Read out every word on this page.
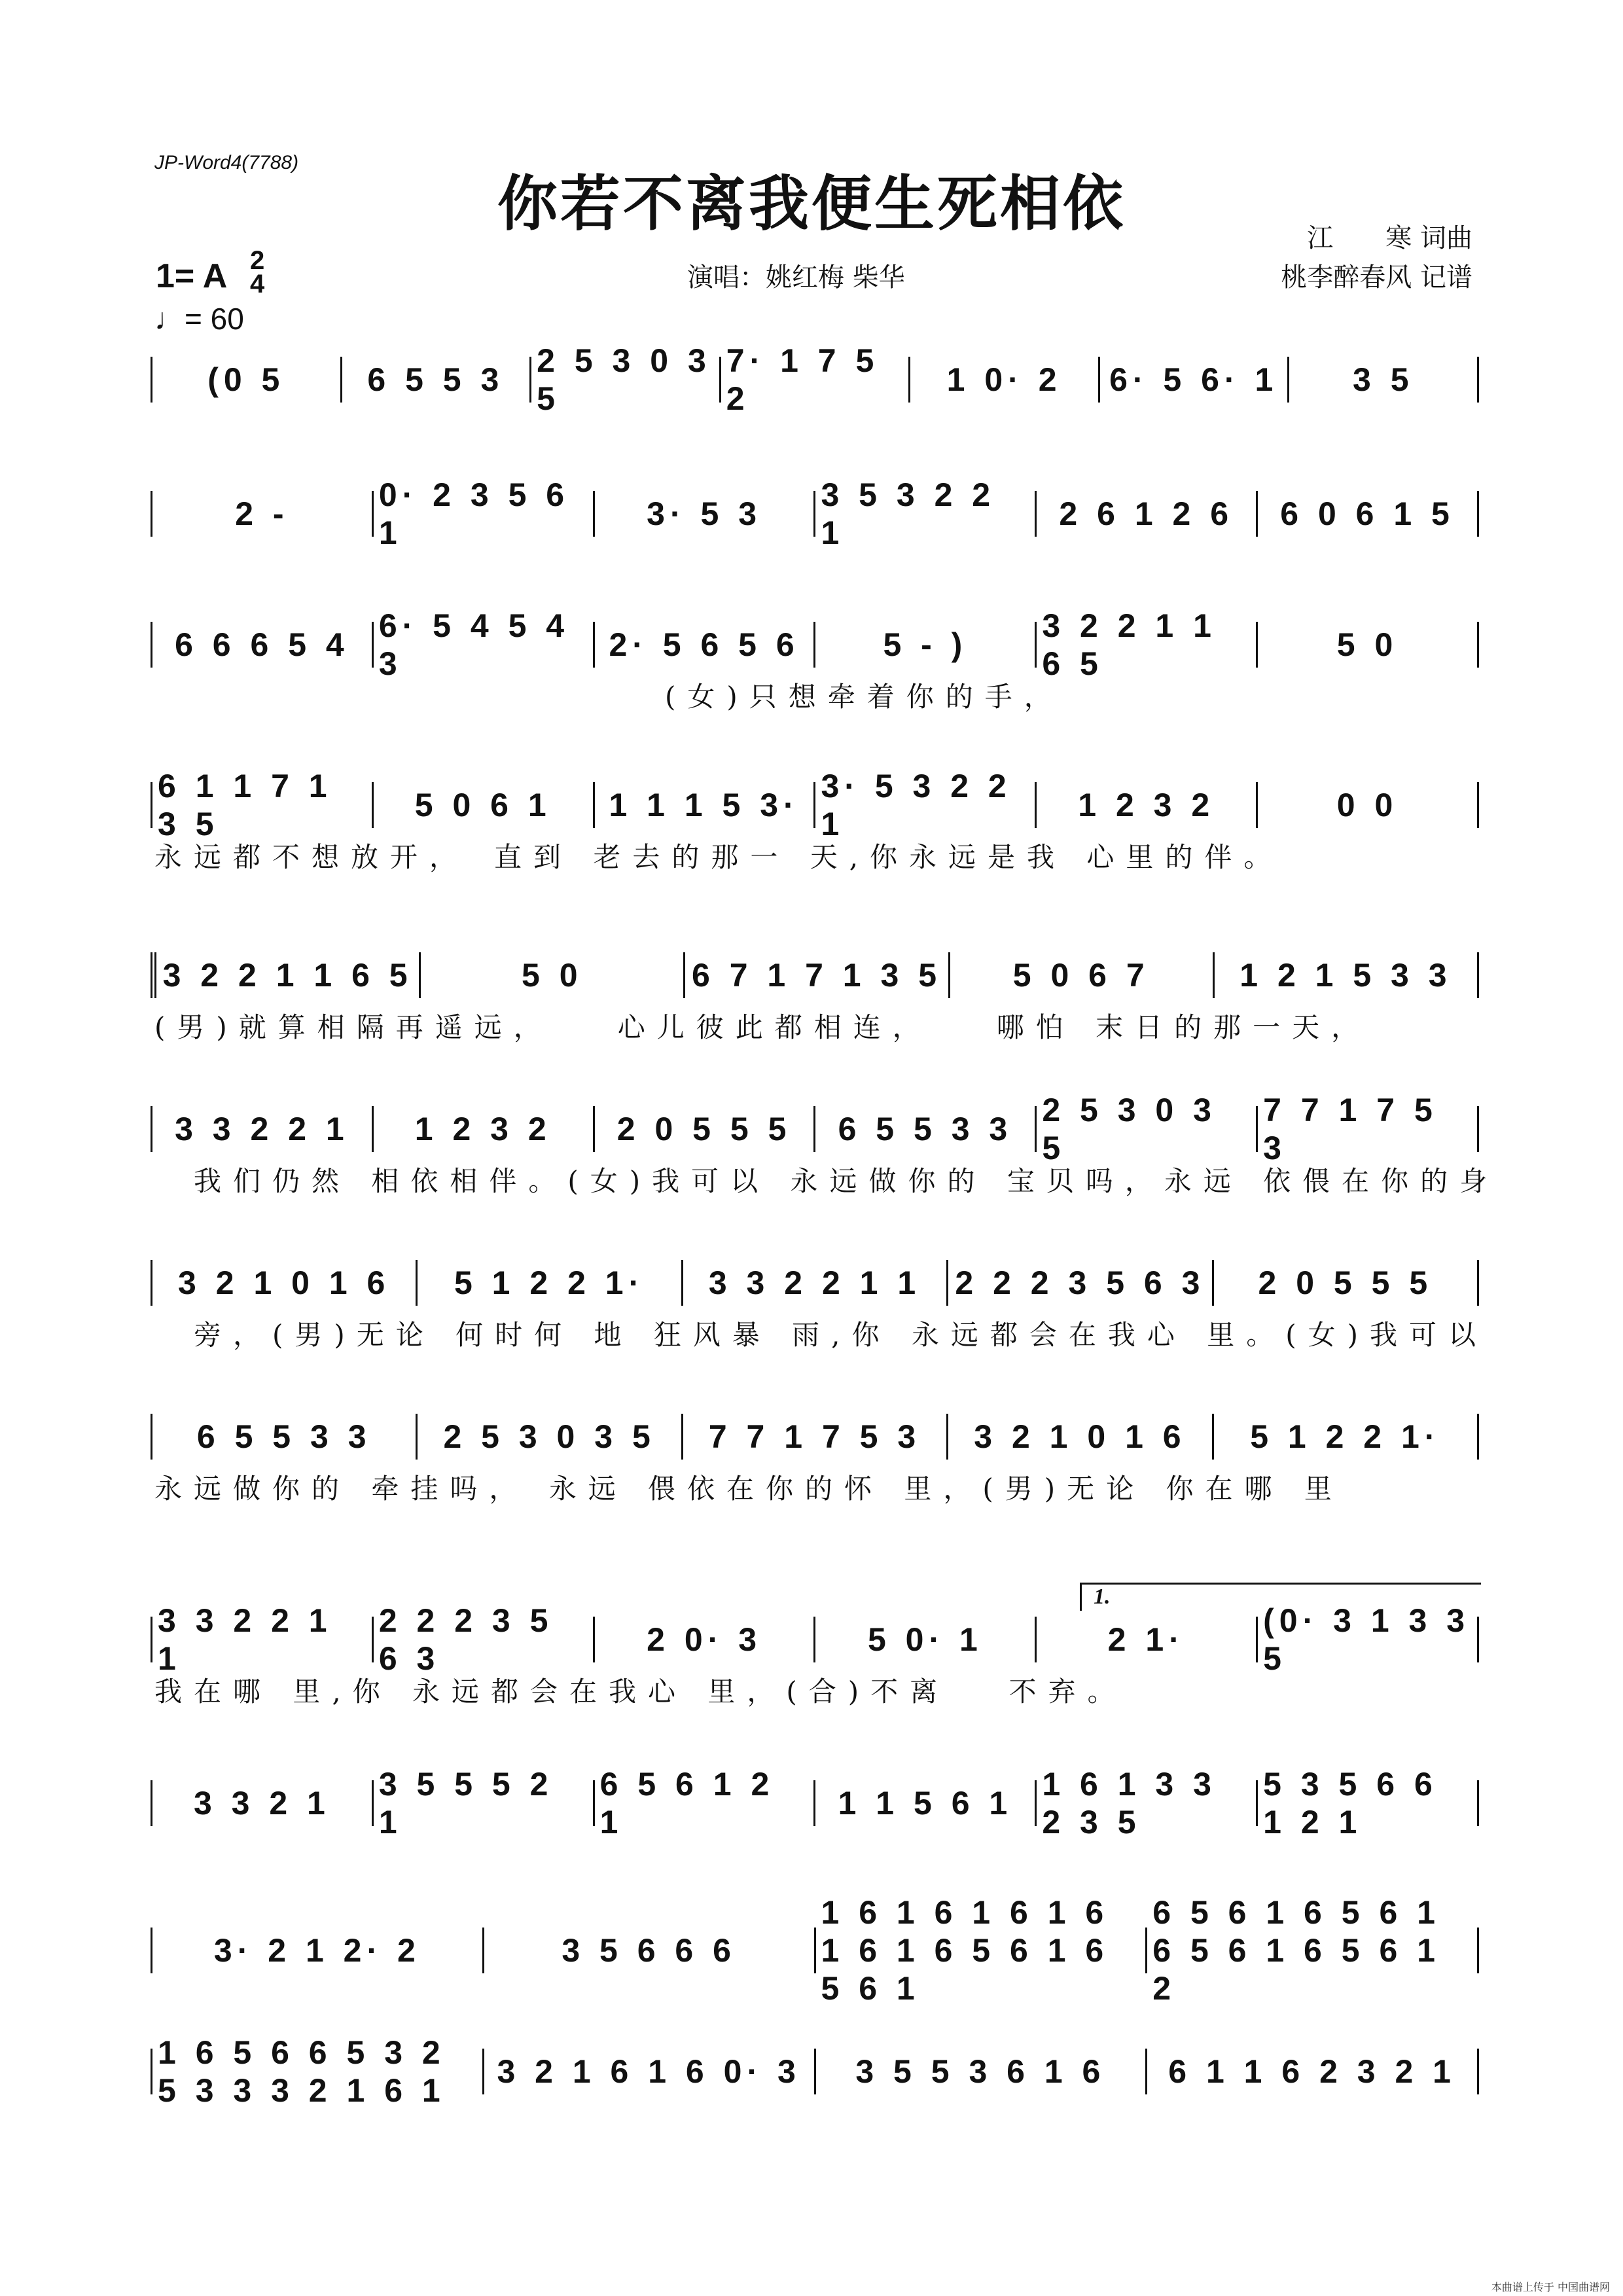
JP-Word4(7788)
你若不离我便生死相依
1= A 2
4
♩= 60
演唱：姚红梅 柴华
江　　寒 词曲
桃李醉春风 记谱
(0 5	6 5 5 3
2 5 3 0 3 5
7· 1 7 5 2
1 0· 2	6· 5 6· 1	3 5
2 -
0· 2 3 5 6 1
3· 5 3
3 5 3 2 2 1
2 6 1 2 6	6 0 6 1 5
6 6 6 5 4
6· 5 4 5 4 3
2· 5 6 5 6	5 - )
3 2 2 1 1 6 5
5 0
　　　　　　　　　　　　　(女)只想牵着你的手，
6 1 1 7 1 3 5
5 0 6 1	1 1 1 5 3·
3· 5 3 2 2 1
1 2 3 2	0 0
永远都不想放开，　直到 老去的那一 天,你永远是我 心里的伴。
3 2 2 1 1 6 5	5 0	6 7 1 7 1 3 5	5 0 6 7	1 2 1 5 3 3
(男)就算相隔再遥远，　　心儿彼此都相连，　　哪怕 末日的那一天，
3 3 2 2 1	1 2 3 2	2 0 5 5 5	6 5 5 3 3
2 5 3 0 3 5
7 7 1 7 5 3
　我们仍然 相依相伴。(女)我可以 永远做你的 宝贝吗，永远 依偎在你的身
3 2 1 0 1 6	5 1 2 2 1·	3 3 2 2 1 1	2 2 2 3 5 6 3	2 0 5 5 5
　旁，(男)无论 何时何 地 狂风暴 雨,你 永远都会在我心 里。(女)我可以
6 5 5 3 3	2 5 3 0 3 5	7 7 1 7 5 3	3 2 1 0 1 6	5 1 2 2 1·
永远做你的 牵挂吗， 永远 偎依在你的怀 里，(男)无论 你在哪 里
3 3 2 2 1 1
2 2 2 3 5 6 3
2 0· 3	5 0· 1	2 1·
(0· 3 1 3 3 5
我在哪 里,你 永远都会在我心 里，(合)不离　 不弃。
3 3 2 1
3 5 5 5 2 1
6 5 6 1 2 1
1 1 5 6 1
1 6 1 3 3 2 3 5
5 3 5 6 6 1 2 1
3· 2 1 2· 2	3 5 6 6 6
1 6 1 6 1 6 1 6 1 6 1 6 5 6 1 6 5 6 1
6 5 6 1 6 5 6 1 6 5 6 1 6 5 6 1 2
1 6 5 6 6 5 3 2 5 3 3 3 2 1 6 1
3 2 1 6 1 6 0· 3	3 5 5 3 6 1 6	6 1 1 6 2 3 2 1
1.
本曲谱上传于 中国曲谱网
